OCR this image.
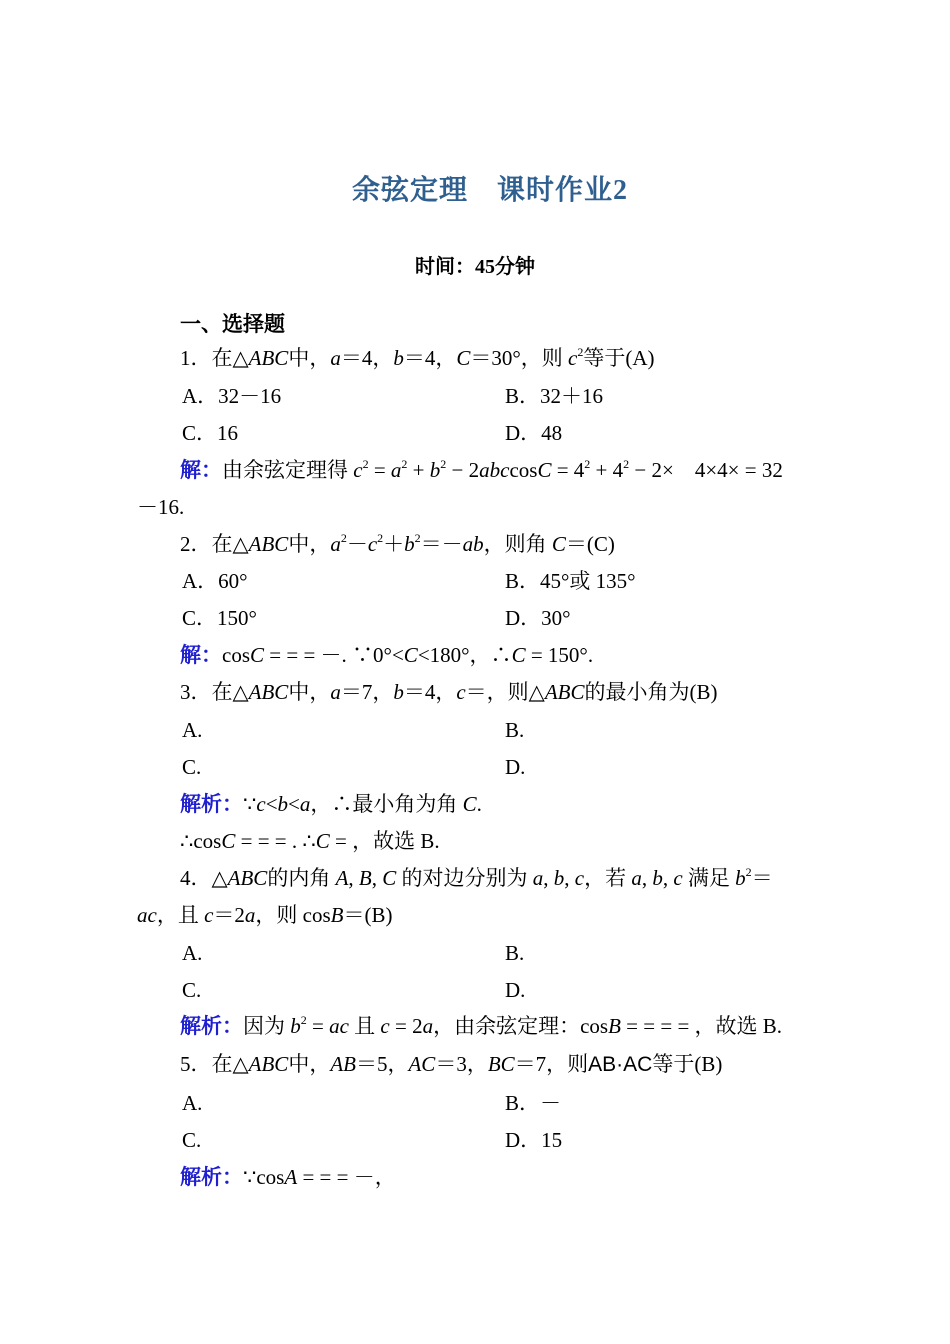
余弦定理　课时作业2
时间：45分钟
一、选择题
1．在△ABC中，a＝4，b＝4，C＝30°，则 $c^2$等于(A)
A．32－16	B．32＋16
C．16	D．48
解：由余弦定理得 $c^2 = a^2 + b^2 - 2abccosC = 4^2 + 4^2 - 2\times$　4×4× = 32
－16.
2．在△ABC中，$a^2-c^2+b^2=-ab$，则角 C＝(C)
A．60°	B．45°或 135°
C．150°	D．30°
解：cosC = = = －. ∵0°<C<180°，∴C = 150°.
3．在△ABC中，a＝7，b＝4，c＝，则△ABC的最小角为(B)
A.	B.
C.	D.
解析：∵c<b<a，∴最小角为角 C.
∴cosC = = = . ∴C = ，故选 B.
4．△ABC的内角 A, B, C 的对边分别为 a, b, c，若 a, b, c 满足 $b^2=$
ac，且 c＝2a，则 cosB＝(B)
A.	B.
C.	D.
解析：因为 $b^2$ = ac 且 c = 2a，由余弦定理：cosB = = = = ，故选 B.
5．在△ABC中，AB＝5，AC＝3，BC＝7，则AB·AC等于(B)
A.	B．－
C.	D．15
解析：∵cosA = = = －，
